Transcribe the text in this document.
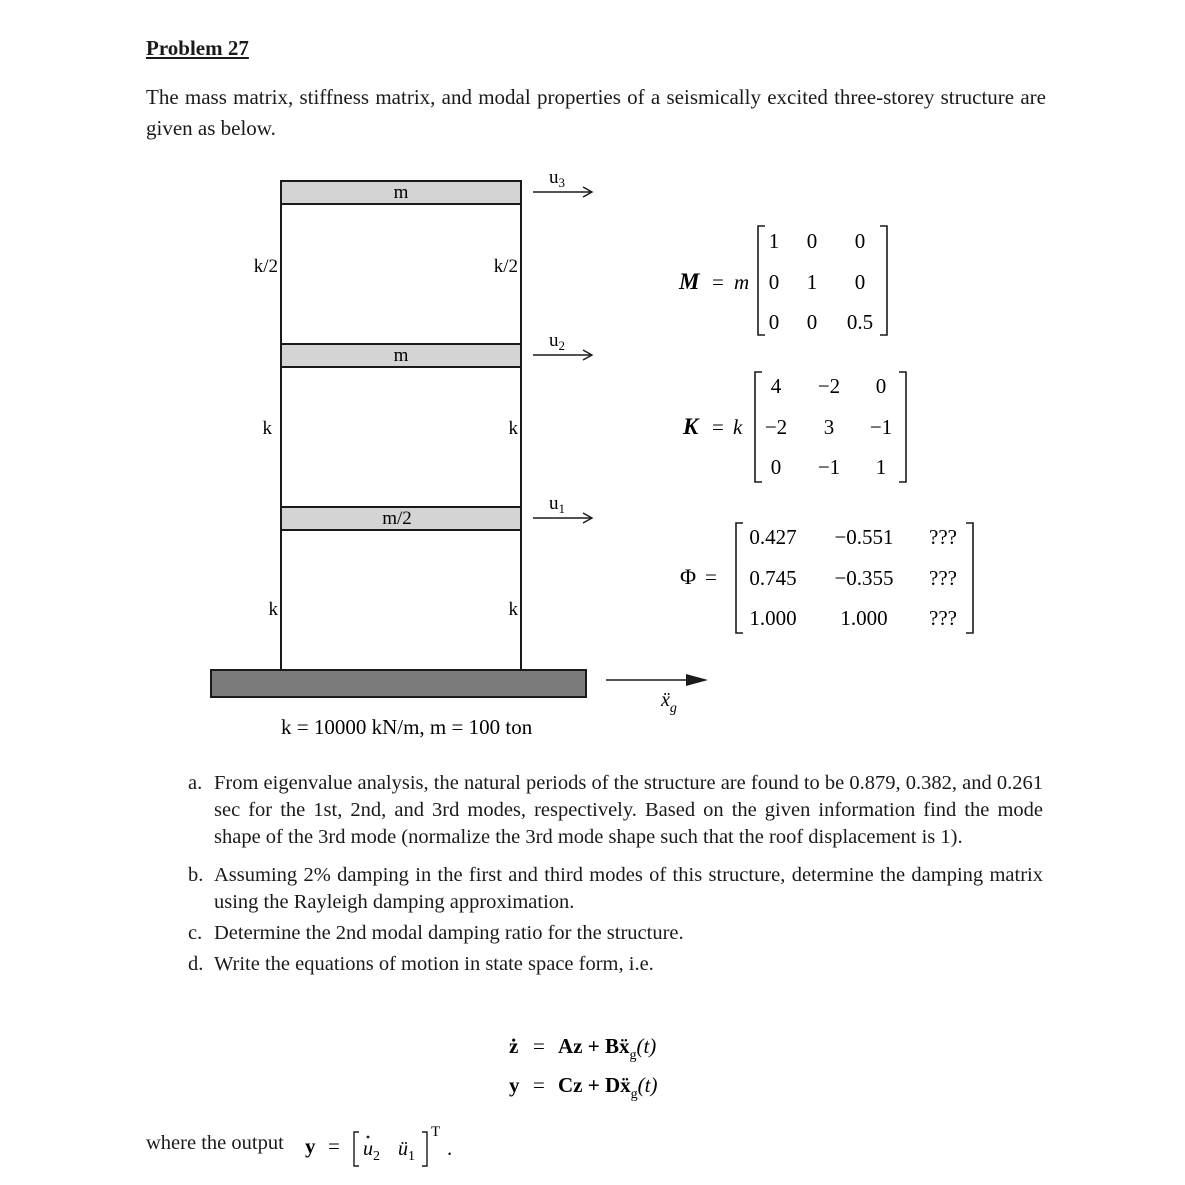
Problem 27
The mass matrix, stiffness matrix, and modal properties of a seismically excited three-storey structure are given as below.
m
m
m/2
k/2
k
k
k/2
k
k
$u_3$
$u_2$
$u_1$
ẍ$_g$
k = 10000 kN/m, m = 100 ton
M = m
1 0 0
0 1 0
0 0 0.5
K = k
4 −2 0
−2 3 −1
0 −1 1
Φ =
0.427 −0.551 ???
0.745 −0.355 ???
1.000 1.000 ???
a. From eigenvalue analysis, the natural periods of the structure are found to be 0.879, 0.382, and 0.261 sec for the 1st, 2nd, and 3rd modes, respectively. Based on the given information find the mode shape of the 3rd mode (normalize the 3rd mode shape such that the roof displacement is 1).
b. Assuming 2% damping in the first and third modes of this structure, determine the damping matrix using the Rayleigh damping approximation.
c. Determine the 2nd modal damping ratio for the structure.
d. Write the equations of motion in state space form, i.e.
ż = Az + Bẍ$_g$(t)
y = Cz + Dẍ$_g$(t)
where the output $y = u_2$ $ü_1$
T
.
